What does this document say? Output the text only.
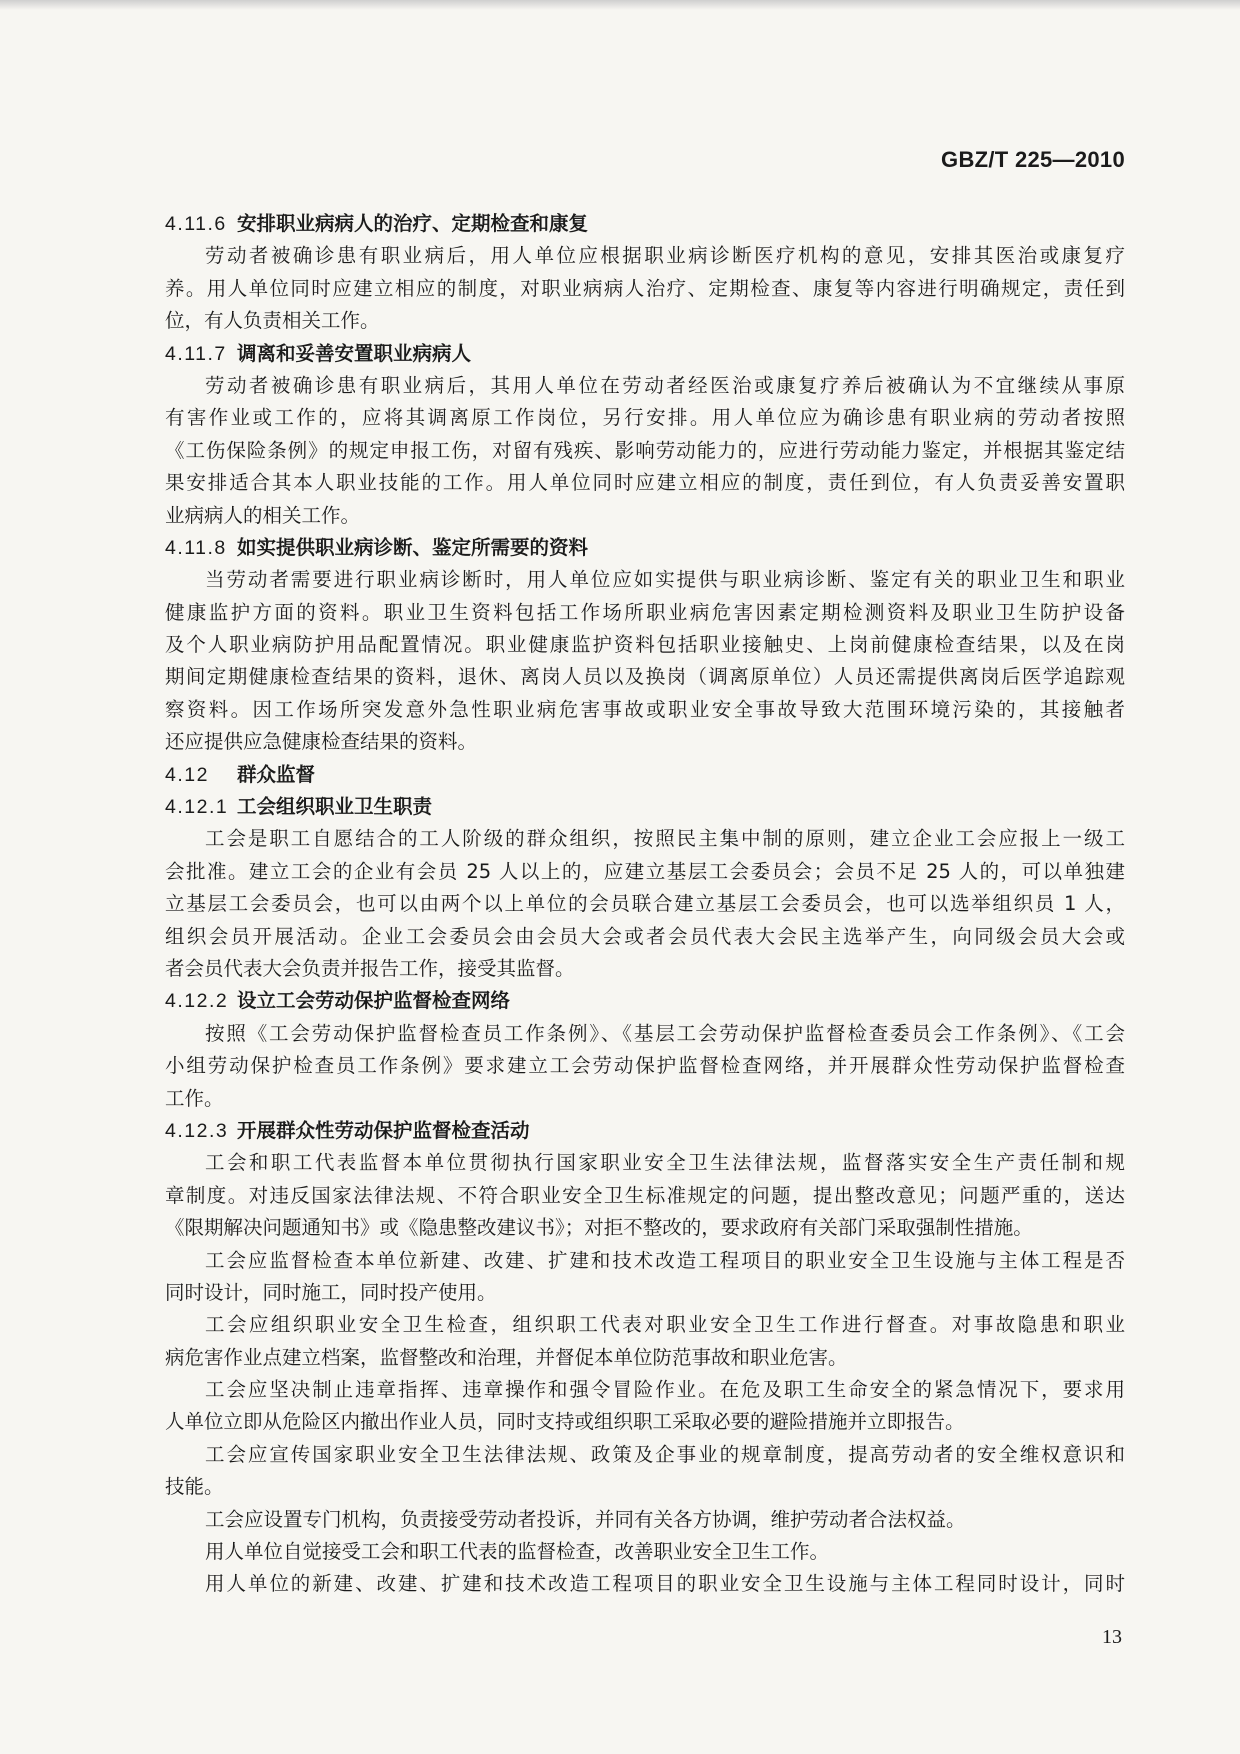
GBZ/T 225—2010
4.11.6 安排职业病病人的治疗、定期检查和康复
劳动者被确诊患有职业病后，用人单位应根据职业病诊断医疗机构的意见，安排其医治或康复疗
养。用人单位同时应建立相应的制度，对职业病病人治疗、定期检查、康复等内容进行明确规定，责任到
位，有人负责相关工作。
4.11.7 调离和妥善安置职业病病人
劳动者被确诊患有职业病后，其用人单位在劳动者经医治或康复疗养后被确认为不宜继续从事原
有害作业或工作的，应将其调离原工作岗位，另行安排。用人单位应为确诊患有职业病的劳动者按照
《工伤保险条例》的规定申报工伤，对留有残疾、影响劳动能力的，应进行劳动能力鉴定，并根据其鉴定结
果安排适合其本人职业技能的工作。用人单位同时应建立相应的制度，责任到位，有人负责妥善安置职
业病病人的相关工作。
4.11.8 如实提供职业病诊断、鉴定所需要的资料
当劳动者需要进行职业病诊断时，用人单位应如实提供与职业病诊断、鉴定有关的职业卫生和职业
健康监护方面的资料。职业卫生资料包括工作场所职业病危害因素定期检测资料及职业卫生防护设备
及个人职业病防护用品配置情况。职业健康监护资料包括职业接触史、上岗前健康检查结果，以及在岗
期间定期健康检查结果的资料，退休、离岗人员以及换岗（调离原单位）人员还需提供离岗后医学追踪观
察资料。因工作场所突发意外急性职业病危害事故或职业安全事故导致大范围环境污染的，其接触者
还应提供应急健康检查结果的资料。
4.12 群众监督
4.12.1 工会组织职业卫生职责
工会是职工自愿结合的工人阶级的群众组织，按照民主集中制的原则，建立企业工会应报上一级工
会批准。建立工会的企业有会员 25 人以上的，应建立基层工会委员会；会员不足 25 人的，可以单独建
立基层工会委员会，也可以由两个以上单位的会员联合建立基层工会委员会，也可以选举组织员 1 人，
组织会员开展活动。企业工会委员会由会员大会或者会员代表大会民主选举产生，向同级会员大会或
者会员代表大会负责并报告工作，接受其监督。
4.12.2 设立工会劳动保护监督检查网络
按照《工会劳动保护监督检查员工作条例》、《基层工会劳动保护监督检查委员会工作条例》、《工会
小组劳动保护检查员工作条例》要求建立工会劳动保护监督检查网络，并开展群众性劳动保护监督检查
工作。
4.12.3 开展群众性劳动保护监督检查活动
工会和职工代表监督本单位贯彻执行国家职业安全卫生法律法规，监督落实安全生产责任制和规
章制度。对违反国家法律法规、不符合职业安全卫生标准规定的问题，提出整改意见；问题严重的，送达
《限期解决问题通知书》或《隐患整改建议书》；对拒不整改的，要求政府有关部门采取强制性措施。
工会应监督检查本单位新建、改建、扩建和技术改造工程项目的职业安全卫生设施与主体工程是否
同时设计，同时施工，同时投产使用。
工会应组织职业安全卫生检查，组织职工代表对职业安全卫生工作进行督查。对事故隐患和职业
病危害作业点建立档案，监督整改和治理，并督促本单位防范事故和职业危害。
工会应坚决制止违章指挥、违章操作和强令冒险作业。在危及职工生命安全的紧急情况下，要求用
人单位立即从危险区内撤出作业人员，同时支持或组织职工采取必要的避险措施并立即报告。
工会应宣传国家职业安全卫生法律法规、政策及企事业的规章制度，提高劳动者的安全维权意识和
技能。
工会应设置专门机构，负责接受劳动者投诉，并同有关各方协调，维护劳动者合法权益。
用人单位自觉接受工会和职工代表的监督检查，改善职业安全卫生工作。
用人单位的新建、改建、扩建和技术改造工程项目的职业安全卫生设施与主体工程同时设计，同时
13
